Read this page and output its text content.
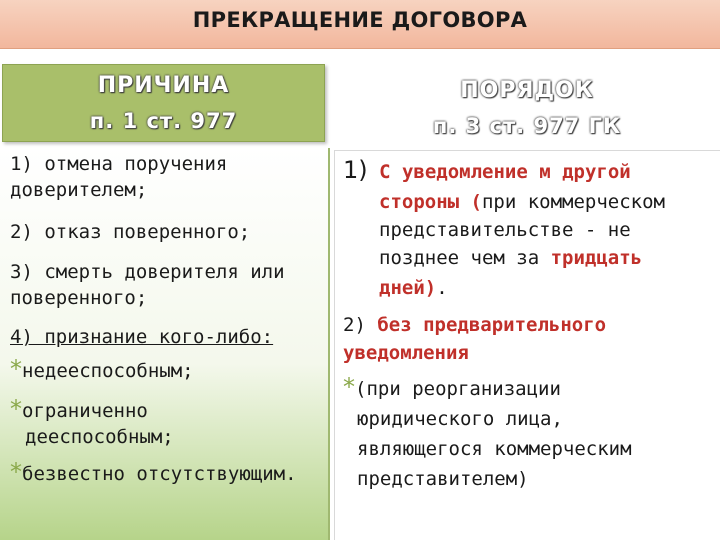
ПРЕКРАЩЕНИЕ ДОГОВОРА
ПРИЧИНА
п. 1 ст. 977
ПОРЯДОК
п. 3 ст. 977 ГК
1) отмена поручения
доверителем;
2) отказ поверенного;
3) смерть доверителя или
поверенного;
4) признание кого-либо:
*недееспособным;
*ограниченно
дееспособным;
*безвестно отсутствующим.
1) С уведомление м другой
стороны (при коммерческом
представительстве - не
позднее чем за тридцать
дней).
2) без предварительного
уведомления
*(при реорганизации
юридического лица,
являющегося коммерческим
представителем)
